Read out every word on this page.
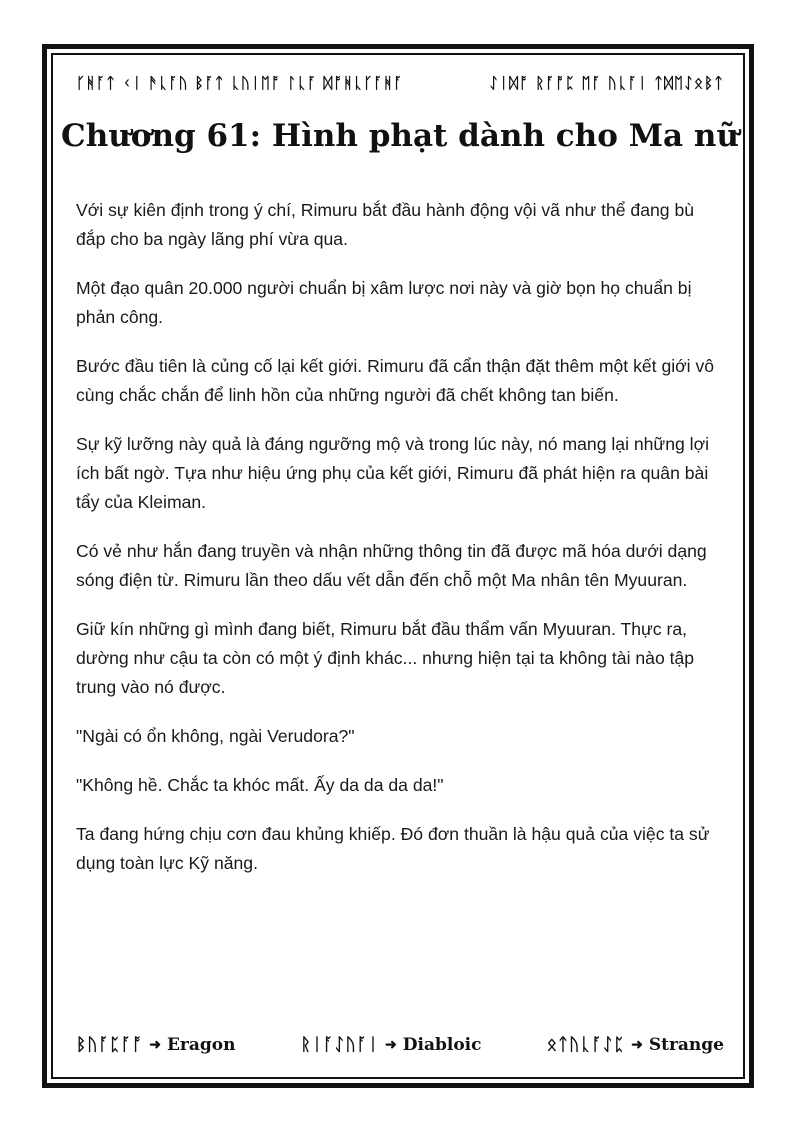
ᚴᚻᚪᛏ ᚲᛁ ᚫᚳᚪᚢ ᛒᚪᛏ ᚳᚢᛁᛖᚩ ᛚᚳᚪ ᛞᚩᚻᚳᚴᚪᚻᚪ	ᛇᛁᛞᚩ ᚱᚪᚩᛈ ᛖᚪ ᚢᚳᚪᛁ ᛏᛞᛖᛇᛟᛒᛏ
Chương 61: Hình phạt dành cho Ma nữ

Với sự kiên định trong ý chí, Rimuru bắt đầu hành động vội vã như thể đang bù đắp cho ba ngày lãng phí vừa qua.

Một đạo quân 20.000 người chuẩn bị xâm lược nơi này và giờ bọn họ chuẩn bị phản công.

Bước đầu tiên là củng cố lại kết giới. Rimuru đã cẩn thận đặt thêm một kết giới vô cùng chắc chắn để linh hồn của những người đã chết không tan biến.

Sự kỹ lưỡng này quả là đáng ngưỡng mộ và trong lúc này, nó mang lại những lợi ích bất ngờ. Tựa như hiệu ứng phụ của kết giới, Rimuru đã phát hiện ra quân bài tẩy của Kleiman.

Có vẻ như hắn đang truyền và nhận những thông tin đã được mã hóa dưới dạng sóng điện từ. Rimuru lần theo dấu vết dẫn đến chỗ một Ma nhân tên Myuuran.

Giữ kín những gì mình đang biết, Rimuru bắt đầu thẩm vấn Myuuran. Thực ra, dường như cậu ta còn có một ý định khác... nhưng hiện tại ta không tài nào tập trung vào nó được.

"Ngài có ổn không, ngài Verudora?"

"Không hề. Chắc ta khóc mất. Ấy da da da da!"

Ta đang hứng chịu cơn đau khủng khiếp. Đó đơn thuần là hậu quả của việc ta sử dụng toàn lực Kỹ năng.

ᛒᚢᚪᛈᚪᚩ ➜ Eragon	ᚱᛁᚪᛇᚢᚪᛁ ➜ Diabloic	ᛟᛏᚢᚳᚪᛇᛈ ➜ Strange
